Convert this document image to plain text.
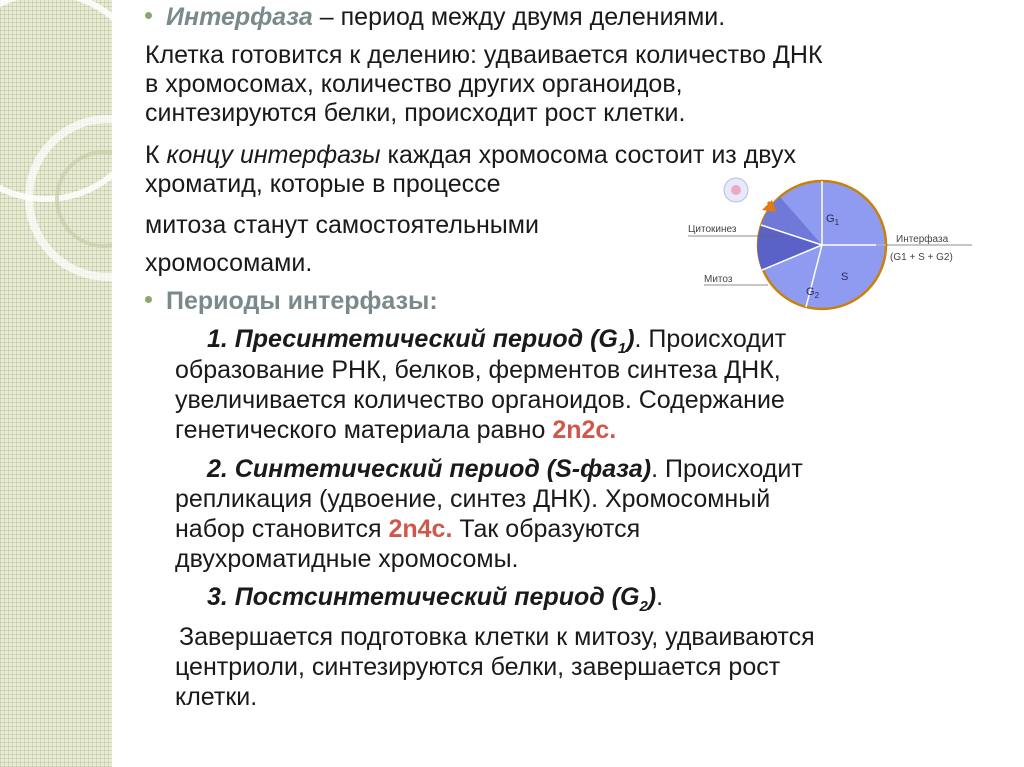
Интерфаза – период между двумя делениями.

Клетка готовится к делению: удваивается количество ДНК

в хромосомах, количество других органоидов,

синтезируются белки, происходит рост клетки.

К концу интерфазы каждая хромосома состоит из двух

хроматид, которые в процессе

митоза станут самостоятельными

хромосомами.

Периоды интерфазы:

1. Пресинтетический период $(G_1)$. Происходит

образование РНК, белков, ферментов синтеза ДНК,

увеличивается количество органоидов. Содержание

генетического материала равно 2n2c.

2. Синтетический период (S-фаза). Происходит

репликация (удвоение, синтез ДНК). Хромосомный

набор становится 2n4c. Так образуются

двухроматидные хромосомы.

3. Постсинтетический период $(G_2)$.

Завершается подготовка клетки к митозу, удваиваются

центриоли, синтезируются белки, завершается рост

клетки.

$G_1$
S
$G_2$
Цитокинез
Митоз
Интерфаза
(G1 + S + G2)
